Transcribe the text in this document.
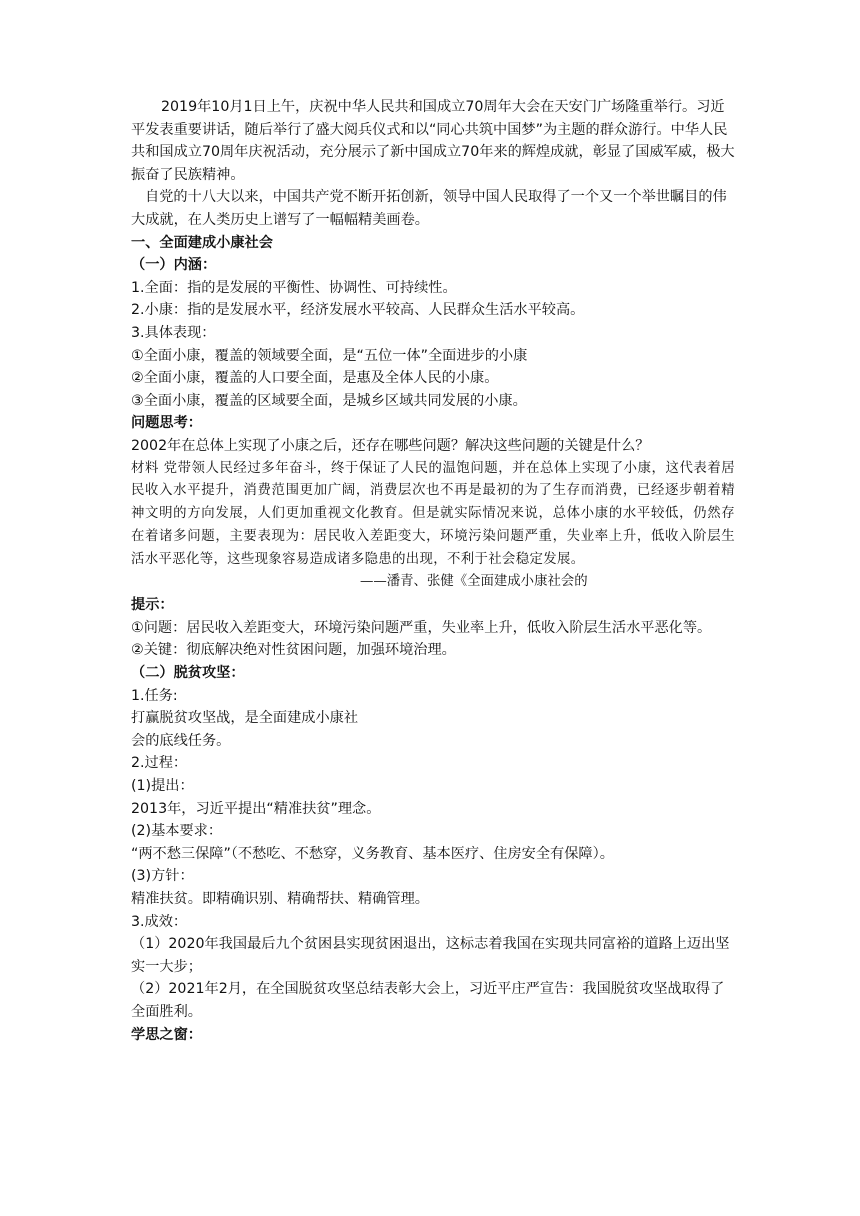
2019年10月1日上午，庆祝中华人民共和国成立70周年大会在天安门广场隆重举行。习近平发表重要讲话，随后举行了盛大阅兵仪式和以“同心共筑中国梦”为主题的群众游行。中华人民共和国成立70周年庆祝活动，充分展示了新中国成立70年来的辉煌成就，彰显了国威军威，极大振奋了民族精神。

自党的十八大以来，中国共产党不断开拓创新，领导中国人民取得了一个又一个举世瞩目的伟大成就，在人类历史上谱写了一幅幅精美画卷。

一、全面建成小康社会

（一）内涵：

1.全面：指的是发展的平衡性、协调性、可持续性。

2.小康：指的是发展水平，经济发展水平较高、人民群众生活水平较高。

3.具体表现：

①全面小康，覆盖的领域要全面，是“五位一体”全面进步的小康

②全面小康，覆盖的人口要全面，是惠及全体人民的小康。

③全面小康，覆盖的区域要全面，是城乡区域共同发展的小康。

问题思考：

2002年在总体上实现了小康之后，还存在哪些问题？解决这些问题的关键是什么？

材料 党带领人民经过多年奋斗，终于保证了人民的温饱问题，并在总体上实现了小康，这代表着居民收入水平提升，消费范围更加广阔，消费层次也不再是最初的为了生存而消费，已经逐步朝着精神文明的方向发展，人们更加重视文化教育。但是就实际情况来说，总体小康的水平较低，仍然存在着诸多问题，主要表现为：居民收入差距变大，环境污染问题严重，失业率上升，低收入阶层生活水平恶化等，这些现象容易造成诸多隐患的出现，不利于社会稳定发展。

——潘青、张健《全面建成小康社会的

提示：

①问题：居民收入差距变大，环境污染问题严重，失业率上升，低收入阶层生活水平恶化等。

②关键：彻底解决绝对性贫困问题，加强环境治理。

（二）脱贫攻坚：

1.任务:

打赢脱贫攻坚战，是全面建成小康社会的底线任务。

2.过程：

(1)提出：

2013年，习近平提出“精准扶贫”理念。

(2)基本要求：

“两不愁三保障”（不愁吃、不愁穿，义务教育、基本医疗、住房安全有保障）。

(3)方针：

精准扶贫。即精确识别、精确帮扶、精确管理。

3.成效：

（1）2020年我国最后九个贫困县实现贫困退出，这标志着我国在实现共同富裕的道路上迈出坚实一大步；

（2）2021年2月，在全国脱贫攻坚总结表彰大会上，习近平庄严宣告：我国脱贫攻坚战取得了全面胜利。

学思之窗：
